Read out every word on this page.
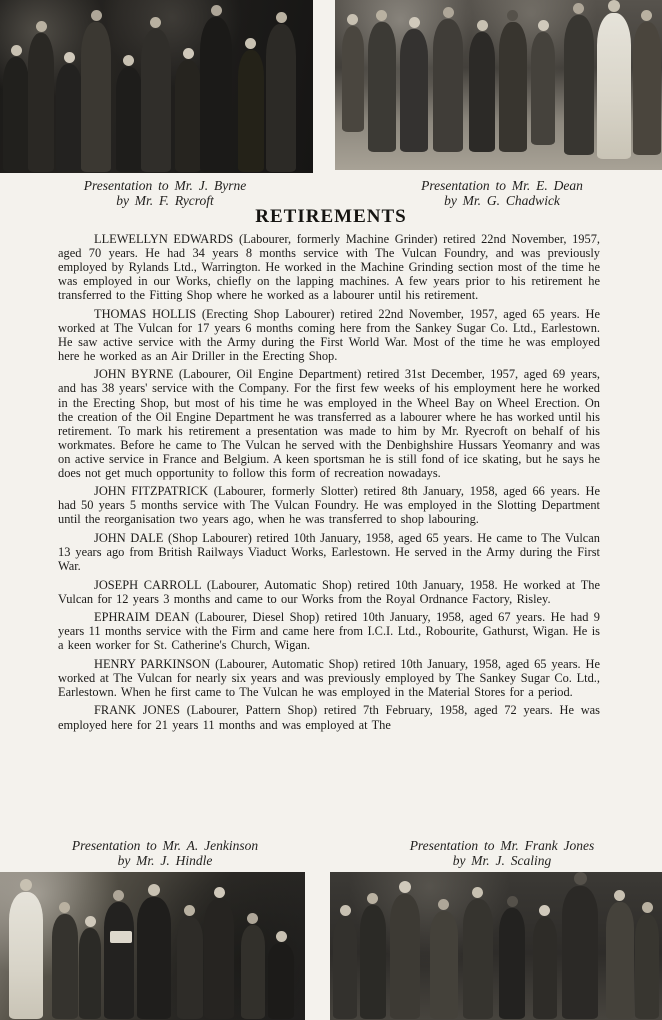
Presentation to Mr. J. Byrne
by Mr. F. Rycroft
Presentation to Mr. E. Dean
by Mr. G. Chadwick
RETIREMENTS

LLEWELLYN EDWARDS (Labourer, formerly Machine Grinder) retired 22nd November, 1957, aged 70 years. He had 34 years 8 months service with The Vulcan Foundry, and was previously employed by Rylands Ltd., Warrington. He worked in the Machine Grinding section most of the time he was employed in our Works, chiefly on the lapping machines. A few years prior to his retirement he transferred to the Fitting Shop where he worked as a labourer until his retirement.

THOMAS HOLLIS (Erecting Shop Labourer) retired 22nd November, 1957, aged 65 years. He worked at The Vulcan for 17 years 6 months coming here from the Sankey Sugar Co. Ltd., Earlestown. He saw active service with the Army during the First World War. Most of the time he was employed here he worked as an Air Driller in the Erecting Shop.

JOHN BYRNE (Labourer, Oil Engine Department) retired 31st December, 1957, aged 69 years, and has 38 years' service with the Company. For the first few weeks of his employment here he worked in the Erecting Shop, but most of his time he was employed in the Wheel Bay on Wheel Erection. On the creation of the Oil Engine Department he was transferred as a labourer where he has worked until his retirement. To mark his retirement a presentation was made to him by Mr. Ryecroft on behalf of his workmates. Before he came to The Vulcan he served with the Denbighshire Hussars Yeomanry and was on active service in France and Belgium. A keen sportsman he is still fond of ice skating, but he says he does not get much opportunity to follow this form of recreation nowadays.

JOHN FITZPATRICK (Labourer, formerly Slotter) retired 8th January, 1958, aged 66 years. He had 50 years 5 months service with The Vulcan Foundry. He was employed in the Slotting Department until the reorganisation two years ago, when he was transferred to shop labouring.

JOHN DALE (Shop Labourer) retired 10th January, 1958, aged 65 years. He came to The Vulcan 13 years ago from British Railways Viaduct Works, Earlestown. He served in the Army during the First War.

JOSEPH CARROLL (Labourer, Automatic Shop) retired 10th January, 1958. He worked at The Vulcan for 12 years 3 months and came to our Works from the Royal Ordnance Factory, Risley.

EPHRAIM DEAN (Labourer, Diesel Shop) retired 10th January, 1958, aged 67 years. He had 9 years 11 months service with the Firm and came here from I.C.I. Ltd., Robourite, Gathurst, Wigan. He is a keen worker for St. Catherine's Church, Wigan.

HENRY PARKINSON (Labourer, Automatic Shop) retired 10th January, 1958, aged 65 years. He worked at The Vulcan for nearly six years and was previously employed by The Sankey Sugar Co. Ltd., Earlestown. When he first came to The Vulcan he was employed in the Material Stores for a period.

FRANK JONES (Labourer, Pattern Shop) retired 7th February, 1958, aged 72 years. He was employed here for 21 years 11 months and was employed at The

Presentation to Mr. A. Jenkinson
by Mr. J. Hindle
Presentation to Mr. Frank Jones
by Mr. J. Scaling
